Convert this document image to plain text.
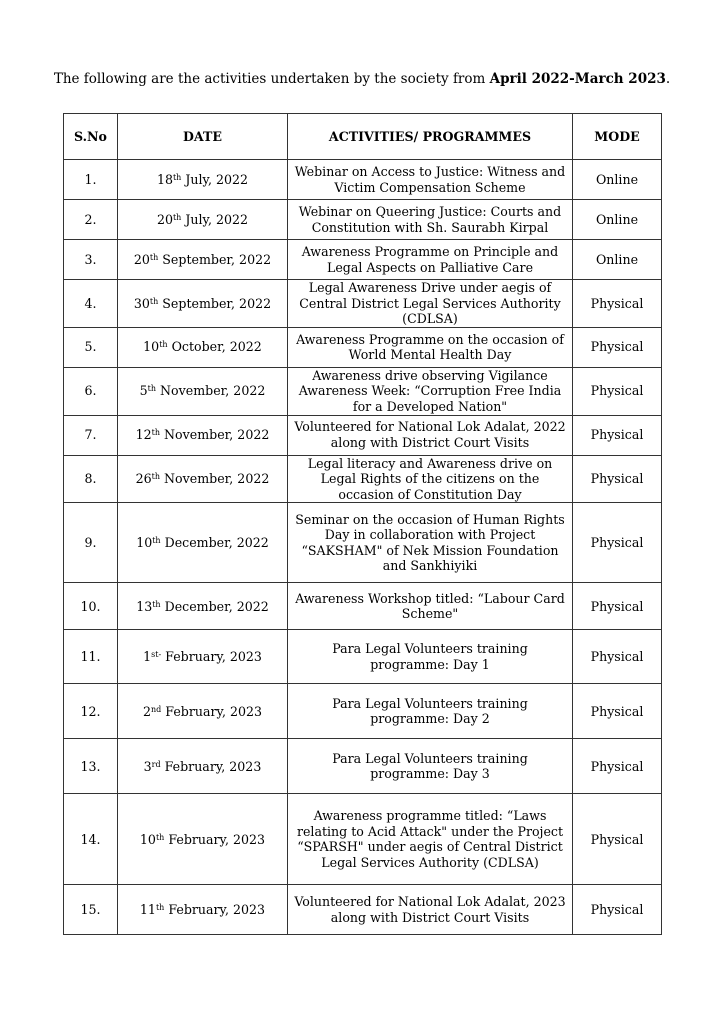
The following are the activities undertaken by the society from April 2022-March 2023.
S.No	DATE	ACTIVITIES/ PROGRAMMES	MODE
1.	18th July, 2022	Webinar on Access to Justice: Witness and Victim Compensation Scheme	Online
2.	20th July, 2022	Webinar on Queering Justice: Courts and Constitution with Sh. Saurabh Kirpal	Online
3.	20th September, 2022	Awareness Programme on Principle and Legal Aspects on Palliative Care	Online
4.	30th September, 2022	Legal Awareness Drive under aegis of Central District Legal Services Authority (CDLSA)	Physical
5.	10th October, 2022	Awareness Programme on the occasion of World Mental Health Day	Physical
6.	5th November, 2022	Awareness drive observing Vigilance Awareness Week: “Corruption Free India for a Developed Nation"	Physical
7.	12th November, 2022	Volunteered for National Lok Adalat, 2022 along with District Court Visits	Physical
8.	26th November, 2022	Legal literacy and Awareness drive on Legal Rights of the citizens on the occasion of Constitution Day	Physical
9.	10th December, 2022	Seminar on the occasion of Human Rights Day in collaboration with Project “SAKSHAM" of Nek Mission Foundation and Sankhiyiki	Physical
10.	13th December, 2022	Awareness Workshop titled: “Labour Card Scheme"	Physical
11.	$1^{st-}$ February, 2023	Para Legal Volunteers training programme: Day 1	Physical
12.	2nd February, 2023	Para Legal Volunteers training programme: Day 2	Physical
13.	3rd February, 2023	Para Legal Volunteers training programme: Day 3	Physical
14.	10th February, 2023	Awareness programme titled: “Laws relating to Acid Attack" under the Project “SPARSH" under aegis of Central District Legal Services Authority (CDLSA)	Physical
15.	11th February, 2023	Volunteered for National Lok Adalat, 2023 along with District Court Visits	Physical
